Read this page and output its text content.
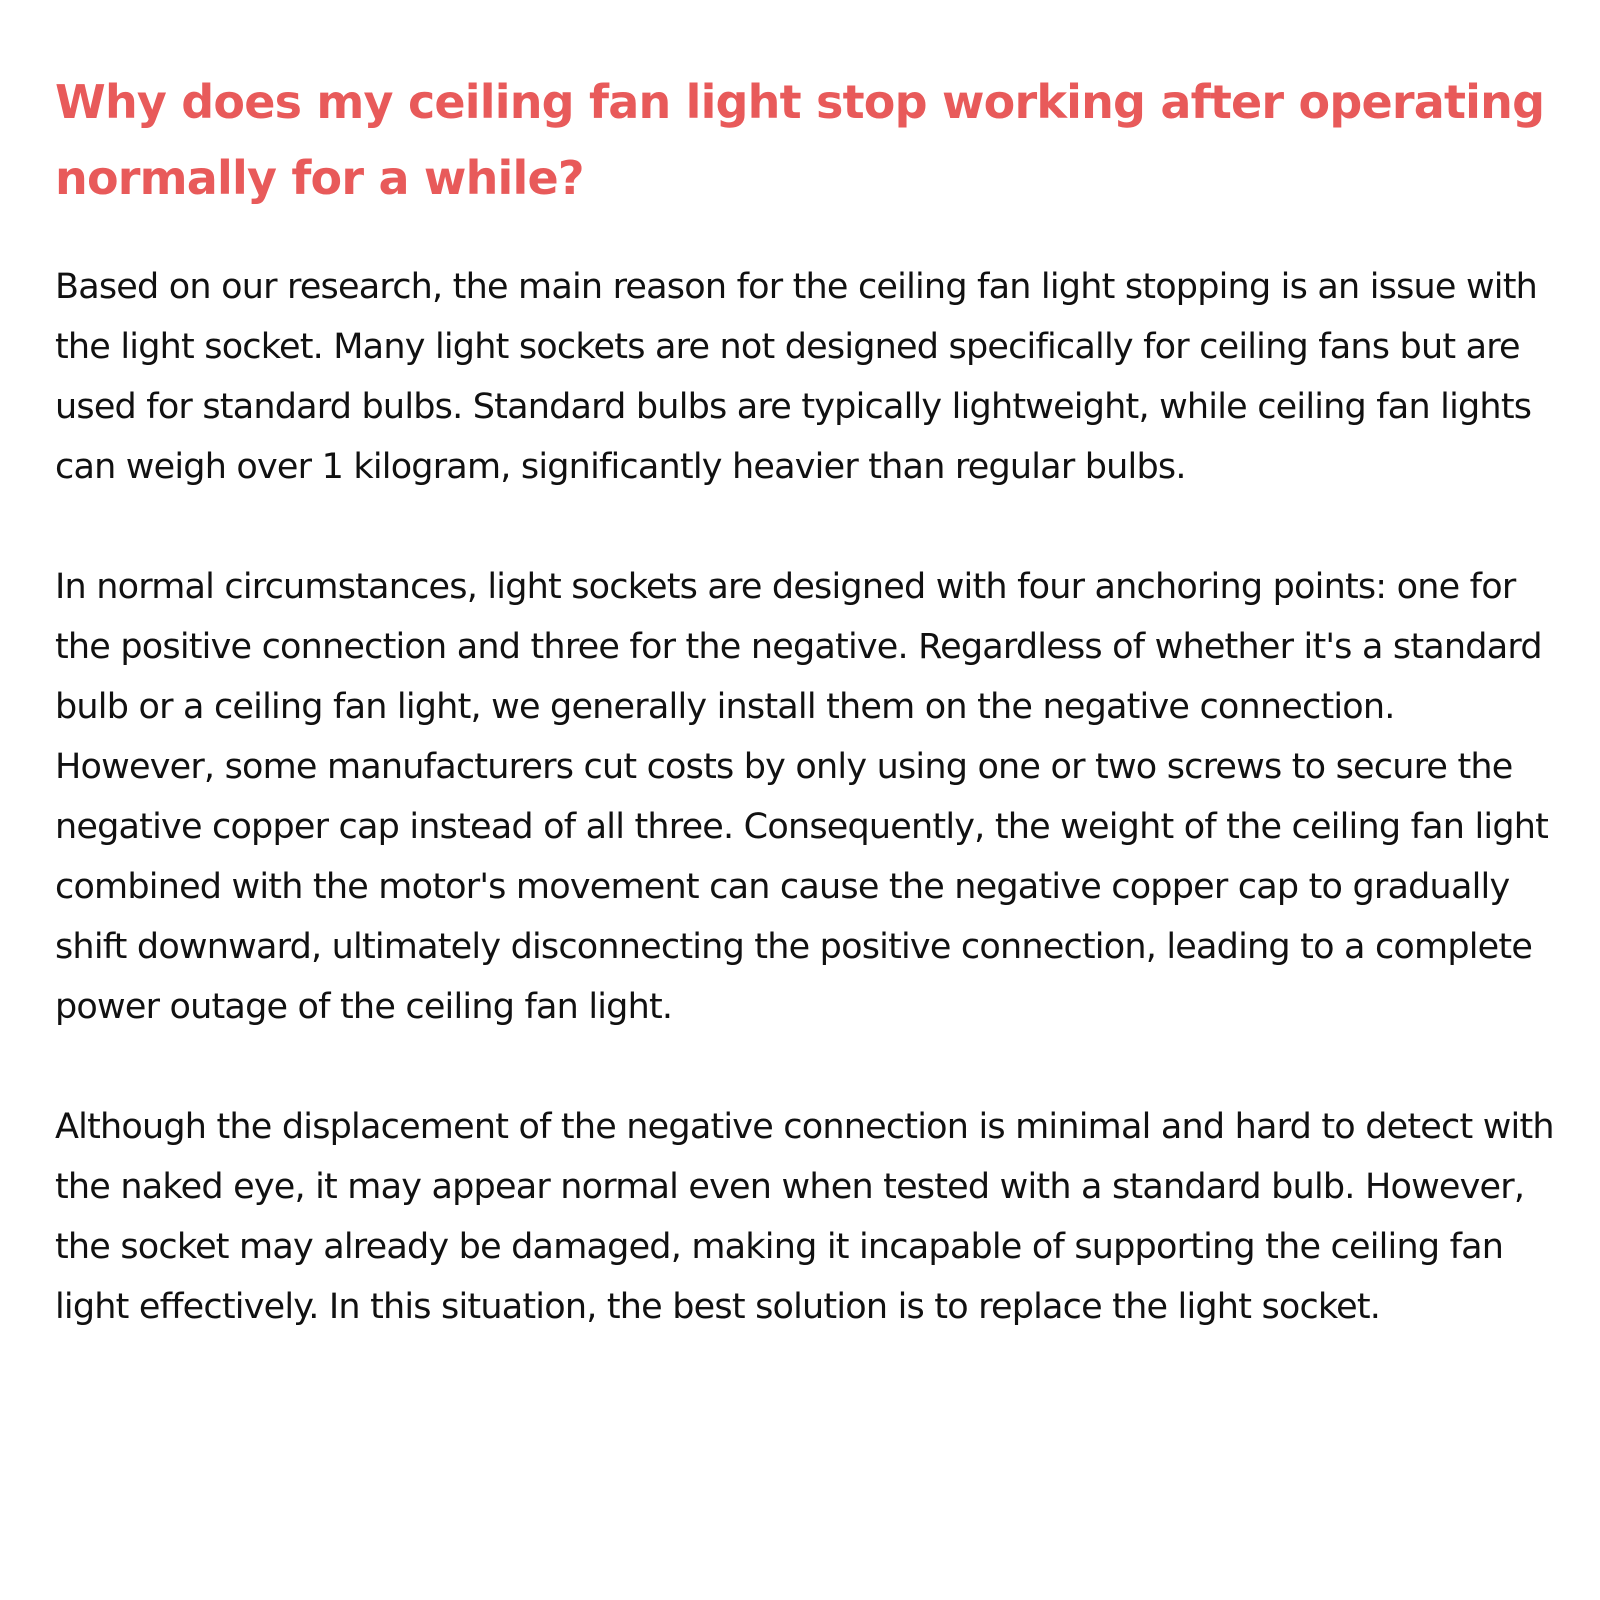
Why does my ceiling fan light stop working after operating normally for a while?

Based on our research, the main reason for the ceiling fan light stopping is an issue with the light socket. Many light sockets are not designed specifically for ceiling fans but are used for standard bulbs. Standard bulbs are typically lightweight, while ceiling fan lights can weigh over 1 kilogram, significantly heavier than regular bulbs.

In normal circumstances, light sockets are designed with four anchoring points: one for the positive connection and three for the negative. Regardless of whether it's a standard bulb or a ceiling fan light, we generally install them on the negative connection. However, some manufacturers cut costs by only using one or two screws to secure the negative copper cap instead of all three. Consequently, the weight of the ceiling fan light combined with the motor's movement can cause the negative copper cap to gradually shift downward, ultimately disconnecting the positive connection, leading to a complete power outage of the ceiling fan light.

Although the displacement of the negative connection is minimal and hard to detect with the naked eye, it may appear normal even when tested with a standard bulb. However, the socket may already be damaged, making it incapable of supporting the ceiling fan light effectively. In this situation, the best solution is to replace the light socket.
